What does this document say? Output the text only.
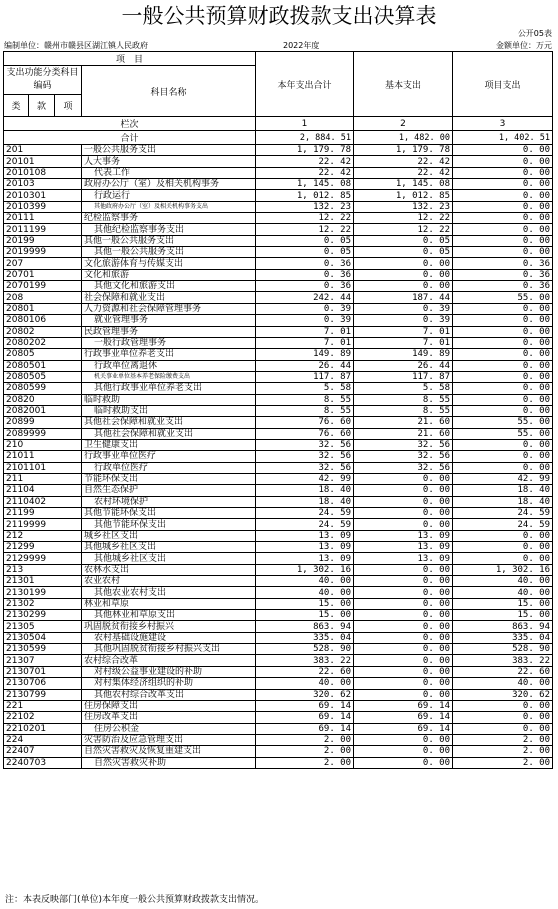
一般公共预算财政拨款支出决算表
公开05表
编制单位：赣州市赣县区湖江镇人民政府	2022年度	金额单位：万元
项　目				本年支出合计	基本支出	项目支出
支出功能分类科目编码			科目名称			

类	款	项				
栏次				1	2	3
合计				2, 884. 51	1, 482. 00	1, 402. 51
201			一般公共服务支出	1, 179. 78	1, 179. 78	0. 00
20101			人大事务	22. 42	22. 42	0. 00
2010108			代表工作	22. 42	22. 42	0. 00
20103			政府办公厅（室）及相关机构事务	1, 145. 08	1, 145. 08	0. 00
2010301			行政运行	1, 012. 85	1, 012. 85	0. 00
2010399			其他政府办公厅（室）及相关机构事务支出	132. 23	132. 23	0. 00
20111			纪检监察事务	12. 22	12. 22	0. 00
2011199			其他纪检监察事务支出	12. 22	12. 22	0. 00
20199			其他一般公共服务支出	0. 05	0. 05	0. 00
2019999			其他一般公共服务支出	0. 05	0. 05	0. 00
207			文化旅游体育与传媒支出	0. 36	0. 00	0. 36
20701			文化和旅游	0. 36	0. 00	0. 36
2070199			其他文化和旅游支出	0. 36	0. 00	0. 36
208			社会保障和就业支出	242. 44	187. 44	55. 00
20801			人力资源和社会保障管理事务	0. 39	0. 39	0. 00
2080106			就业管理事务	0. 39	0. 39	0. 00
20802			民政管理事务	7. 01	7. 01	0. 00
2080202			一般行政管理事务	7. 01	7. 01	0. 00
20805			行政事业单位养老支出	149. 89	149. 89	0. 00
2080501			行政单位离退休	26. 44	26. 44	0. 00
2080505			机关事业单位基本养老保险缴费支出	117. 87	117. 87	0. 00
2080599			其他行政事业单位养老支出	5. 58	5. 58	0. 00
20820			临时救助	8. 55	8. 55	0. 00
2082001			临时救助支出	8. 55	8. 55	0. 00
20899			其他社会保障和就业支出	76. 60	21. 60	55. 00
2089999			其他社会保障和就业支出	76. 60	21. 60	55. 00
210			卫生健康支出	32. 56	32. 56	0. 00
21011			行政事业单位医疗	32. 56	32. 56	0. 00
2101101			行政单位医疗	32. 56	32. 56	0. 00
211			节能环保支出	42. 99	0. 00	42. 99
21104			自然生态保护	18. 40	0. 00	18. 40
2110402			农村环境保护	18. 40	0. 00	18. 40
21199			其他节能环保支出	24. 59	0. 00	24. 59
2119999			其他节能环保支出	24. 59	0. 00	24. 59
212			城乡社区支出	13. 09	13. 09	0. 00
21299			其他城乡社区支出	13. 09	13. 09	0. 00
2129999			其他城乡社区支出	13. 09	13. 09	0. 00
213			农林水支出	1, 302. 16	0. 00	1, 302. 16
21301			农业农村	40. 00	0. 00	40. 00
2130199			其他农业农村支出	40. 00	0. 00	40. 00
21302			林业和草原	15. 00	0. 00	15. 00
2130299			其他林业和草原支出	15. 00	0. 00	15. 00
21305			巩固脱贫衔接乡村振兴	863. 94	0. 00	863. 94
2130504			农村基础设施建设	335. 04	0. 00	335. 04
2130599			其他巩固脱贫衔接乡村振兴支出	528. 90	0. 00	528. 90
21307			农村综合改革	383. 22	0. 00	383. 22
2130701			对村级公益事业建设的补助	22. 60	0. 00	22. 60
2130706			对村集体经济组织的补助	40. 00	0. 00	40. 00
2130799			其他农村综合改革支出	320. 62	0. 00	320. 62
221			住房保障支出	69. 14	69. 14	0. 00
22102			住房改革支出	69. 14	69. 14	0. 00
2210201			住房公积金	69. 14	69. 14	0. 00
224			灾害防治及应急管理支出	2. 00	0. 00	2. 00
22407			自然灾害救灾及恢复重建支出	2. 00	0. 00	2. 00
2240703			自然灾害救灾补助	2. 00	0. 00	2. 00
注：本表反映部门(单位)本年度一般公共预算财政拨款支出情况。
